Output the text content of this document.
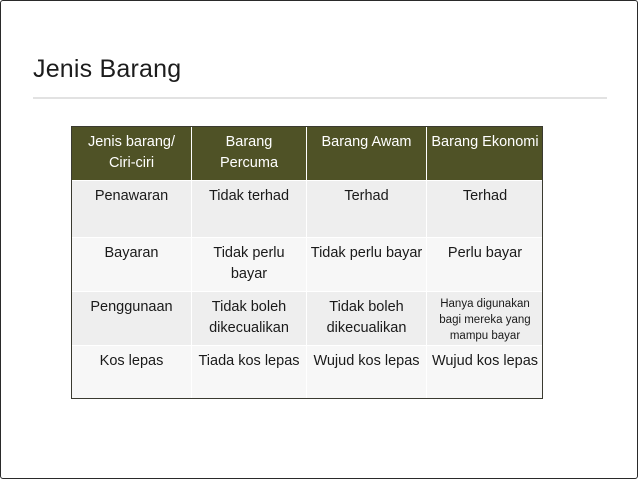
Jenis Barang
Jenis barang/ Ciri-ciri	Barang Percuma	Barang Awam	Barang Ekonomi
Penawaran	Tidak terhad	Terhad	Terhad
Bayaran	Tidak perlu bayar	Tidak perlu bayar	Perlu bayar
Penggunaan	Tidak boleh dikecualikan	Tidak boleh dikecualikan	Hanya digunakan bagi mereka yang mampu bayar
Kos lepas	Tiada kos lepas	Wujud kos lepas	Wujud kos lepas
